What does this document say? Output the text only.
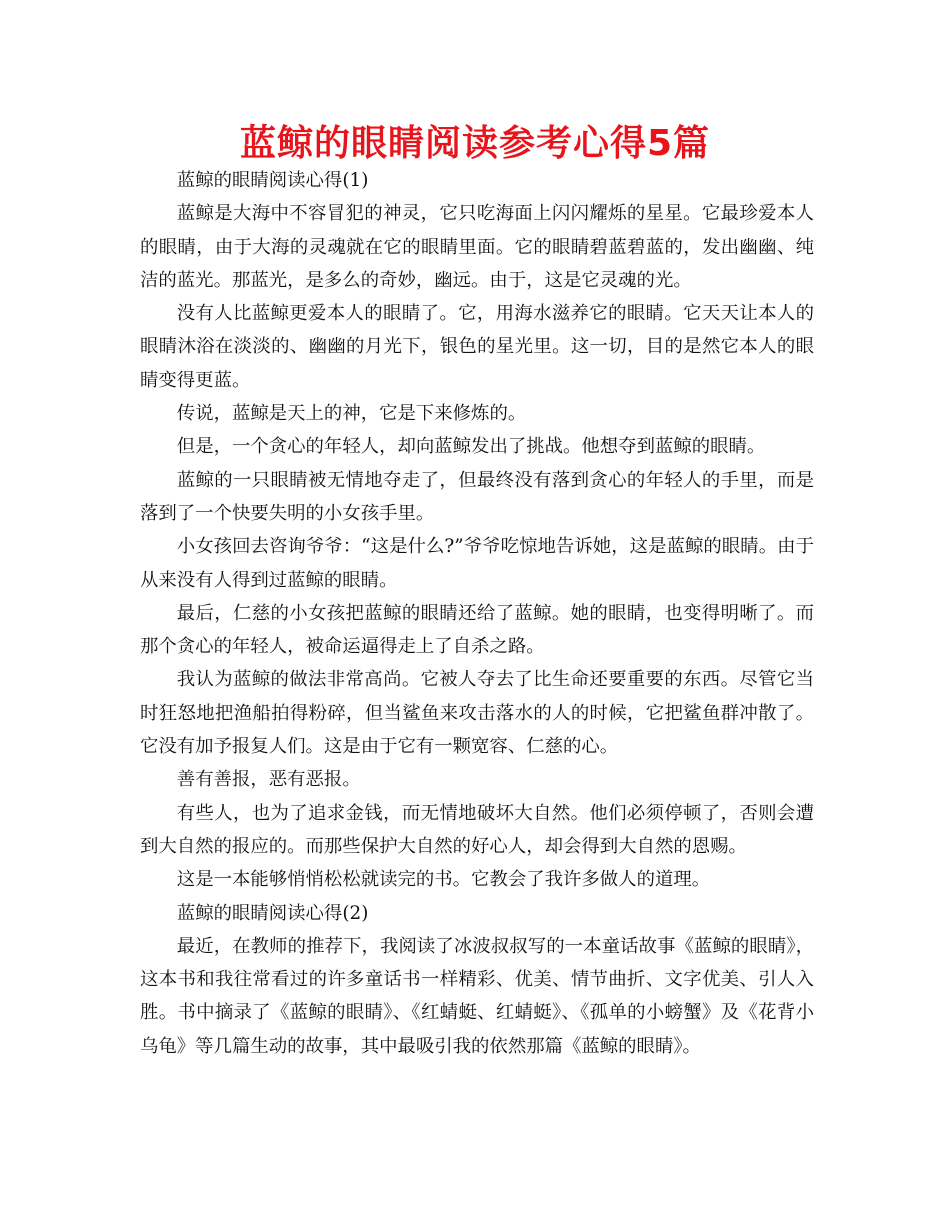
蓝鲸的眼睛阅读参考心得5篇

蓝鲸的眼睛阅读心得(1)

蓝鲸是大海中不容冒犯的神灵，它只吃海面上闪闪耀烁的星星。它最珍爱本人的眼睛，由于大海的灵魂就在它的眼睛里面。它的眼睛碧蓝碧蓝的，发出幽幽、纯洁的蓝光。那蓝光，是多么的奇妙，幽远。由于，这是它灵魂的光。

没有人比蓝鲸更爱本人的眼睛了。它，用海水滋养它的眼睛。它天天让本人的眼睛沐浴在淡淡的、幽幽的月光下，银色的星光里。这一切，目的是然它本人的眼睛变得更蓝。

传说，蓝鲸是天上的神，它是下来修炼的。

但是，一个贪心的年轻人，却向蓝鲸发出了挑战。他想夺到蓝鲸的眼睛。

蓝鲸的一只眼睛被无情地夺走了，但最终没有落到贪心的年轻人的手里，而是落到了一个快要失明的小女孩手里。

小女孩回去咨询爷爷：“这是什么?”爷爷吃惊地告诉她，这是蓝鲸的眼睛。由于从来没有人得到过蓝鲸的眼睛。

最后，仁慈的小女孩把蓝鲸的眼睛还给了蓝鲸。她的眼睛，也变得明晰了。而那个贪心的年轻人，被命运逼得走上了自杀之路。

我认为蓝鲸的做法非常高尚。它被人夺去了比生命还要重要的东西。尽管它当时狂怒地把渔船拍得粉碎，但当鲨鱼来攻击落水的人的时候，它把鲨鱼群冲散了。它没有加予报复人们。这是由于它有一颗宽容、仁慈的心。

善有善报，恶有恶报。

有些人，也为了追求金钱，而无情地破坏大自然。他们必须停顿了，否则会遭到大自然的报应的。而那些保护大自然的好心人，却会得到大自然的恩赐。

这是一本能够悄悄松松就读完的书。它教会了我许多做人的道理。

蓝鲸的眼睛阅读心得(2)

最近，在教师的推荐下，我阅读了冰波叔叔写的一本童话故事《蓝鲸的眼睛》，这本书和我往常看过的许多童话书一样精彩、优美、情节曲折、文字优美、引人入胜。书中摘录了《蓝鲸的眼睛》、《红蜻蜓、红蜻蜓》、《孤单的小螃蟹》及《花背小乌龟》等几篇生动的故事，其中最吸引我的依然那篇《蓝鲸的眼睛》。
